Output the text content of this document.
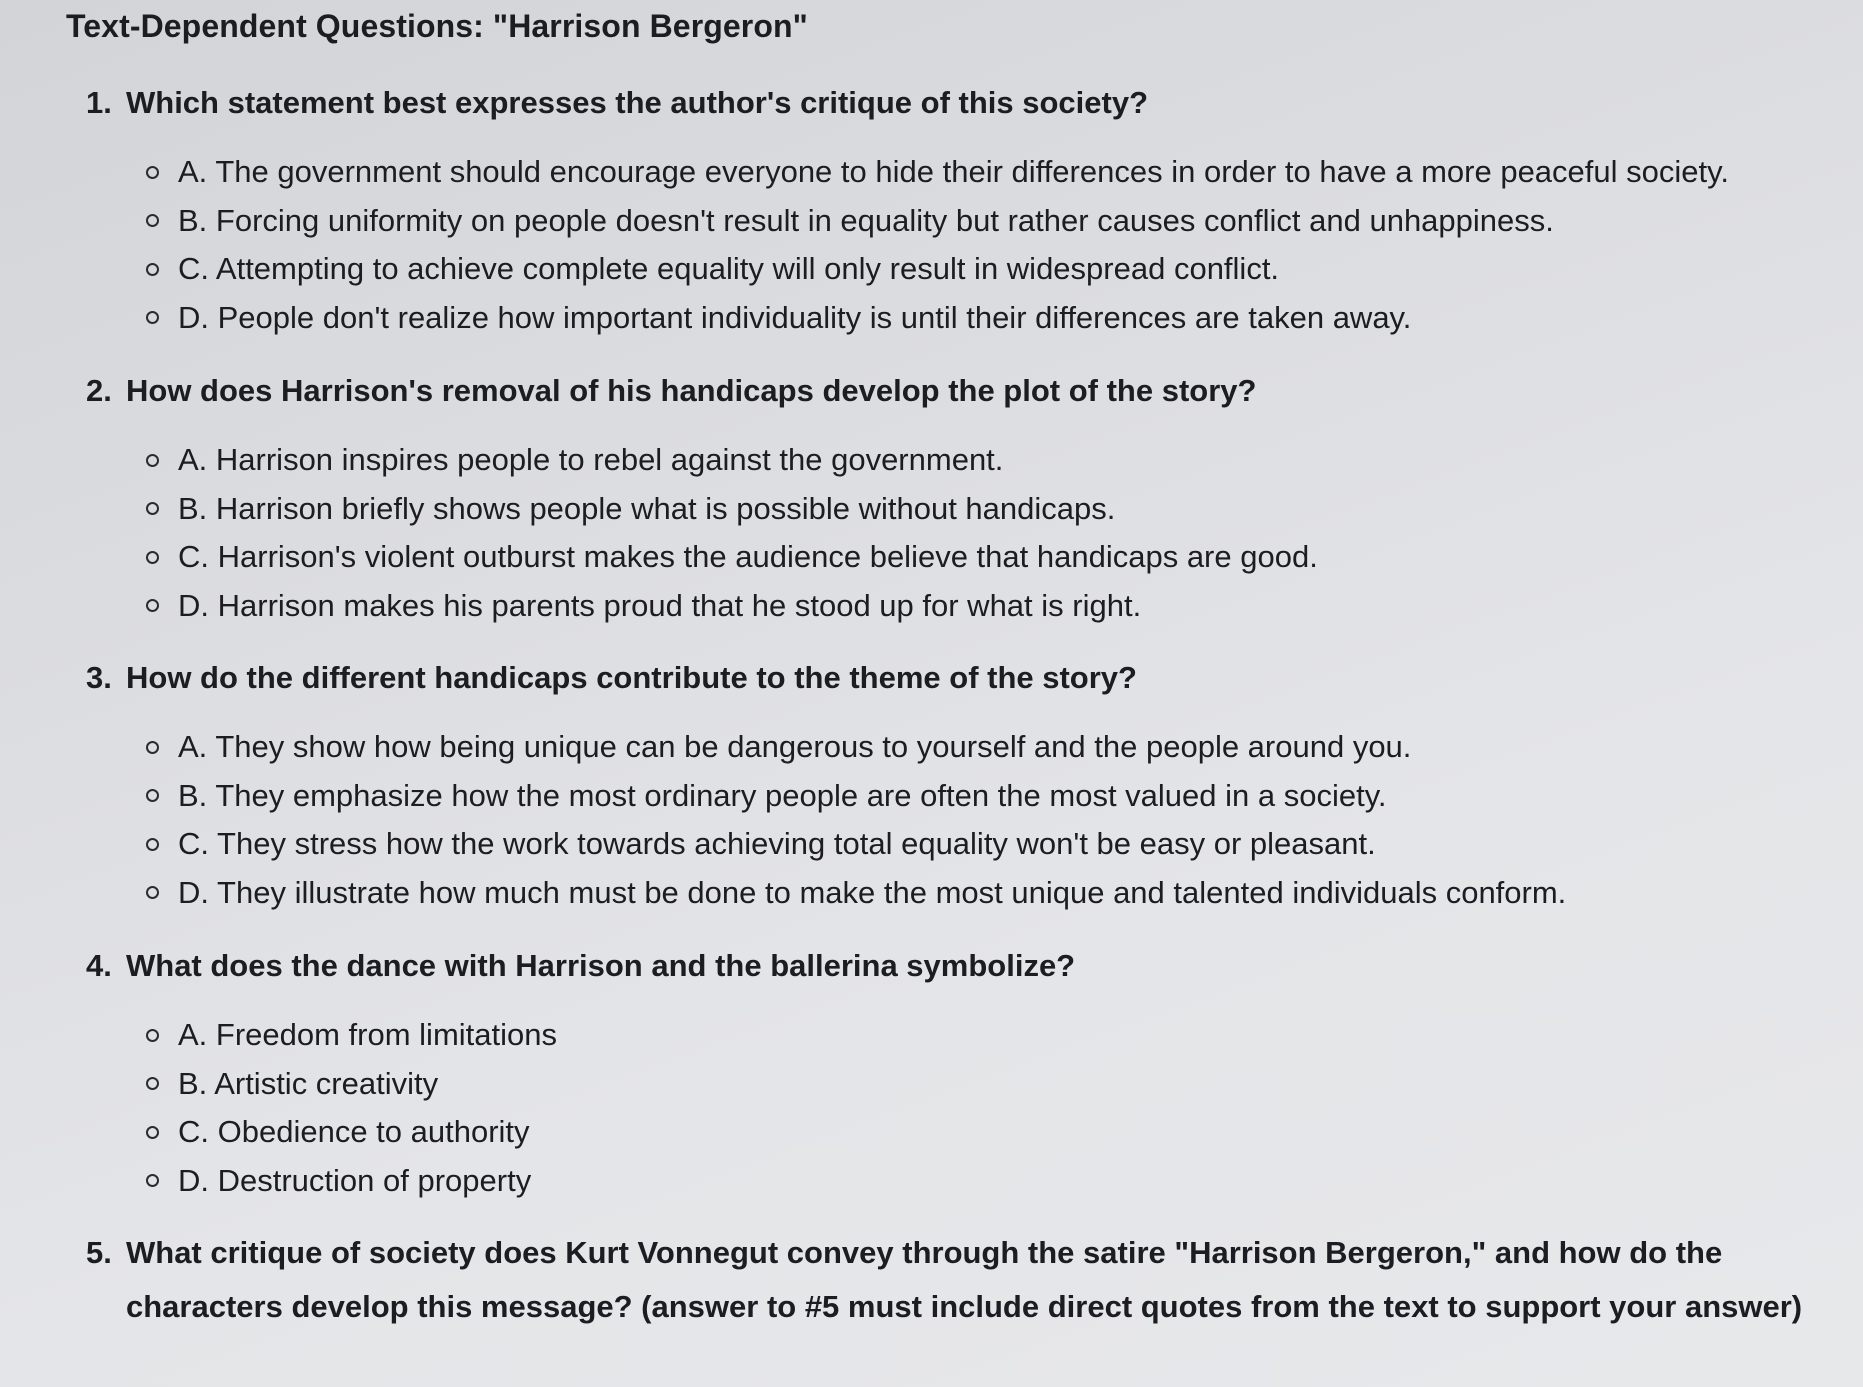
Text-Dependent Questions: "Harrison Bergeron"
1. Which statement best expresses the author's critique of this society?
A. The government should encourage everyone to hide their differences in order to have a more peaceful society.
B. Forcing uniformity on people doesn't result in equality but rather causes conflict and unhappiness.
C. Attempting to achieve complete equality will only result in widespread conflict.
D. People don't realize how important individuality is until their differences are taken away.
2. How does Harrison's removal of his handicaps develop the plot of the story?
A. Harrison inspires people to rebel against the government.
B. Harrison briefly shows people what is possible without handicaps.
C. Harrison's violent outburst makes the audience believe that handicaps are good.
D. Harrison makes his parents proud that he stood up for what is right.
3. How do the different handicaps contribute to the theme of the story?
A. They show how being unique can be dangerous to yourself and the people around you.
B. They emphasize how the most ordinary people are often the most valued in a society.
C. They stress how the work towards achieving total equality won't be easy or pleasant.
D. They illustrate how much must be done to make the most unique and talented individuals conform.
4. What does the dance with Harrison and the ballerina symbolize?
A. Freedom from limitations
B. Artistic creativity
C. Obedience to authority
D. Destruction of property
5. What critique of society does Kurt Vonnegut convey through the satire "Harrison Bergeron," and how do the characters develop this message? (answer to #5 must include direct quotes from the text to support your answer)
